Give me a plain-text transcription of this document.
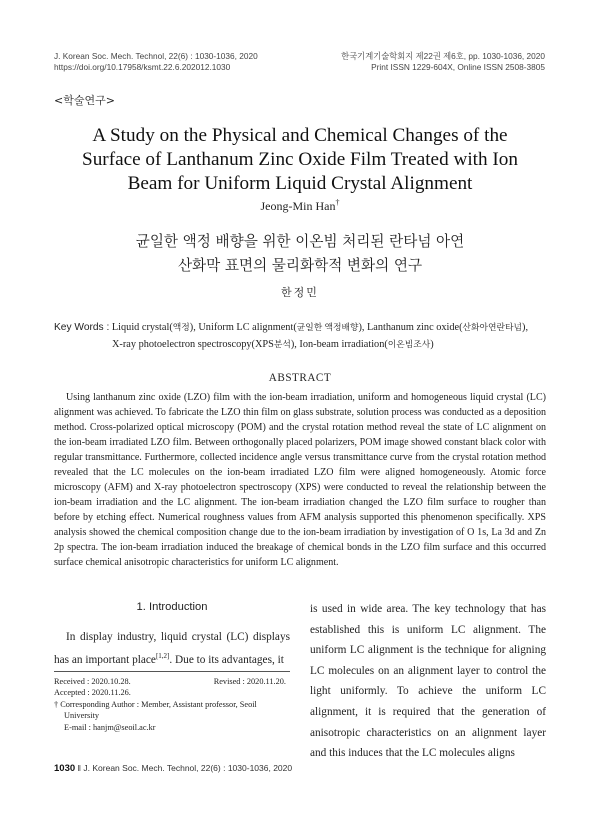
J. Korean Soc. Mech. Technol, 22(6) : 1030-1036, 2020
https://doi.org/10.17958/ksmt.22.6.202012.1030
한국기계기술학회지 제22권 제6호, pp. 1030-1036, 2020
Print ISSN 1229-604X, Online ISSN 2508-3805
<학술연구>
A Study on the Physical and Chemical Changes of the
Surface of Lanthanum Zinc Oxide Film Treated with Ion
Beam for Uniform Liquid Crystal Alignment
Jeong-Min Han†
균일한 액정 배향을 위한 이온빔 처리된 란타넘 아연
산화막 표면의 물리화학적 변화의 연구
한정민
Key Words : Liquid crystal(액정), Uniform LC alignment(균일한 액정배향), Lanthanum zinc oxide(산화아연란타넘),
X-ray photoelectron spectroscopy(XPS분석), Ion-beam irradiation(이온빔조사)
ABSTRACT

Using lanthanum zinc oxide (LZO) film with the ion-beam irradiation, uniform and homogeneous liquid crystal (LC) alignment was achieved. To fabricate the LZO thin film on glass substrate, solution process was conducted as a deposition method. Cross-polarized optical microscopy (POM) and the crystal rotation method reveal the state of LC alignment on the ion-beam irradiated LZO film. Between orthogonally placed polarizers, POM image showed constant black color with regular transmittance. Furthermore, collected incidence angle versus transmittance curve from the crystal rotation method revealed that the LC molecules on the ion-beam irradiated LZO film were aligned homogeneously. Atomic force microscopy (AFM) and X-ray photoelectron spectroscopy (XPS) were conducted to reveal the relationship between the ion-beam irradiation and the LC alignment. The ion-beam irradiation changed the LZO film surface to rougher than before by etching effect. Numerical roughness values from AFM analysis supported this phenomenon specifically. XPS analysis showed the chemical composition change due to the ion-beam irradiation by investigation of O 1s, La 3d and Zn 2p spectra. The ion-beam irradiation induced the breakage of chemical bonds in the LZO film surface and this occurred surface chemical anisotropic characteristics for uniform LC alignment.

1. Introduction

In display industry, liquid crystal (LC) displays has an important place[1,2]. Due to its advantages, it

is used in wide area. The key technology that has established this is uniform LC alignment. The uniform LC alignment is the technique for aligning LC molecules on an alignment layer to control the light uniformly. To achieve the uniform LC alignment, it is required that the generation of anisotropic characteristics on an alignment layer and this induces that the LC molecules aligns

Received : 2020.10.28.	Revised : 2020.11.20.
Accepted : 2020.11.26.
† Corresponding Author : Member, Assistant professor, Seoil
University
E-mail : hanjm@seoil.ac.kr
1030 ‖ J. Korean Soc. Mech. Technol, 22(6) : 1030-1036, 2020
